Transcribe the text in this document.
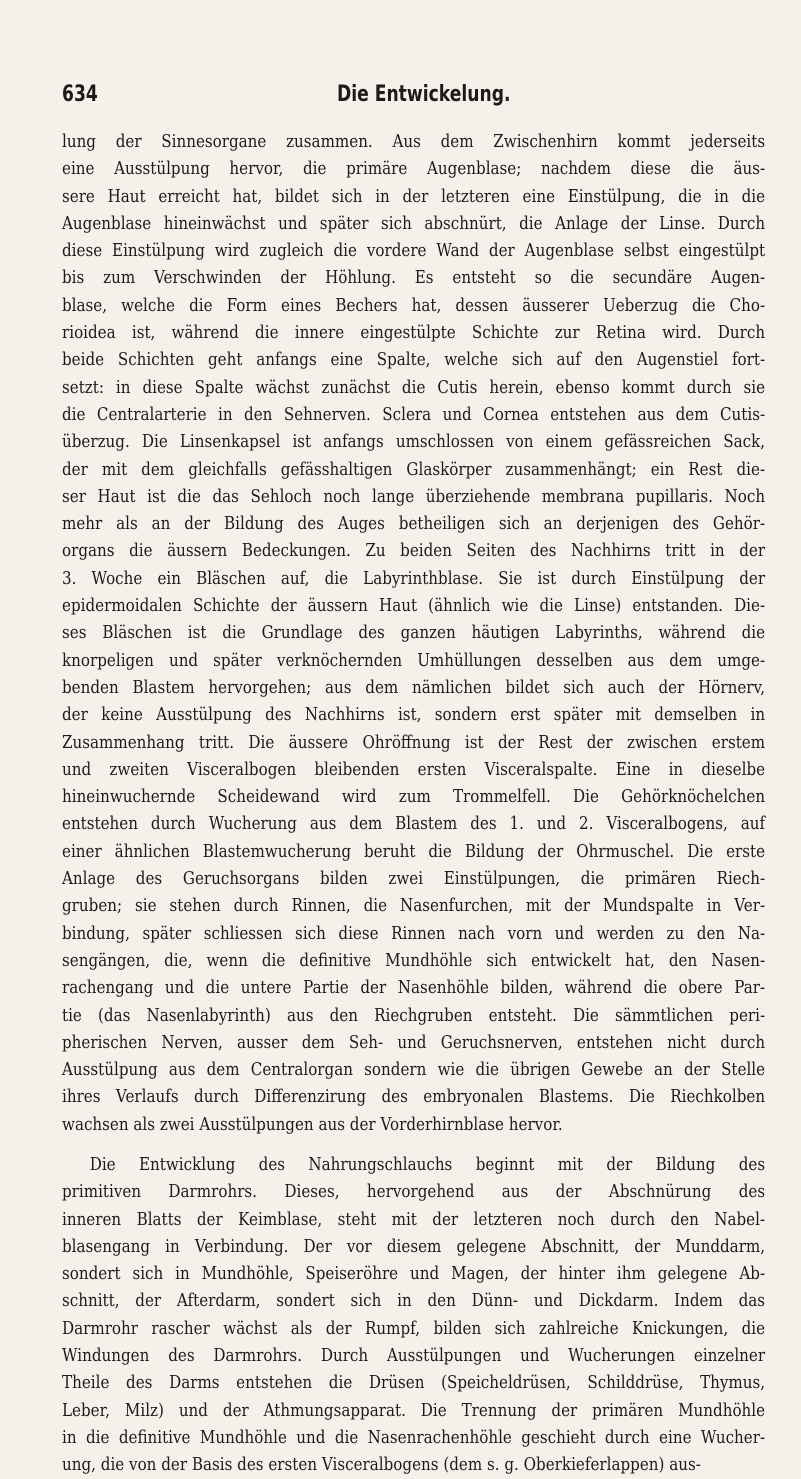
634	Die Entwickelung.
lung der Sinnesorgane zusammen. Aus dem Zwischenhirn kommt jederseits
eine Ausstülpung hervor, die primäre Augenblase; nachdem diese die äus-
sere Haut erreicht hat, bildet sich in der letzteren eine Einstülpung, die in die
Augenblase hineinwächst und später sich abschnürt, die Anlage der Linse. Durch
diese Einstülpung wird zugleich die vordere Wand der Augenblase selbst eingestülpt
bis zum Verschwinden der Höhlung. Es entsteht so die secundäre Augen-
blase, welche die Form eines Bechers hat, dessen äusserer Ueberzug die Cho-
rioidea ist, während die innere eingestülpte Schichte zur Retina wird. Durch
beide Schichten geht anfangs eine Spalte, welche sich auf den Augenstiel fort-
setzt: in diese Spalte wächst zunächst die Cutis herein, ebenso kommt durch sie
die Centralarterie in den Sehnerven. Sclera und Cornea entstehen aus dem Cutis-
überzug. Die Linsenkapsel ist anfangs umschlossen von einem gefässreichen Sack,
der mit dem gleichfalls gefässhaltigen Glaskörper zusammenhängt; ein Rest die-
ser Haut ist die das Sehloch noch lange überziehende membrana pupillaris. Noch
mehr als an der Bildung des Auges betheiligen sich an derjenigen des Gehör-
organs die äussern Bedeckungen. Zu beiden Seiten des Nachhirns tritt in der
3. Woche ein Bläschen auf, die Labyrinthblase. Sie ist durch Einstülpung der
epidermoidalen Schichte der äussern Haut (ähnlich wie die Linse) entstanden. Die-
ses Bläschen ist die Grundlage des ganzen häutigen Labyrinths, während die
knorpeligen und später verknöchernden Umhüllungen desselben aus dem umge-
benden Blastem hervorgehen; aus dem nämlichen bildet sich auch der Hörnerv,
der keine Ausstülpung des Nachhirns ist, sondern erst später mit demselben in
Zusammenhang tritt. Die äussere Ohröffnung ist der Rest der zwischen erstem
und zweiten Visceralbogen bleibenden ersten Visceralspalte. Eine in dieselbe
hineinwuchernde Scheidewand wird zum Trommelfell. Die Gehörknöchelchen
entstehen durch Wucherung aus dem Blastem des 1. und 2. Visceralbogens, auf
einer ähnlichen Blastemwucherung beruht die Bildung der Ohrmuschel. Die erste
Anlage des Geruchsorgans bilden zwei Einstülpungen, die primären Riech-
gruben; sie stehen durch Rinnen, die Nasenfurchen, mit der Mundspalte in Ver-
bindung, später schliessen sich diese Rinnen nach vorn und werden zu den Na-
sengängen, die, wenn die definitive Mundhöhle sich entwickelt hat, den Nasen-
rachengang und die untere Partie der Nasenhöhle bilden, während die obere Par-
tie (das Nasenlabyrinth) aus den Riechgruben entsteht. Die sämmtlichen peri-
pherischen Nerven, ausser dem Seh- und Geruchsnerven, entstehen nicht durch
Ausstülpung aus dem Centralorgan sondern wie die übrigen Gewebe an der Stelle
ihres Verlaufs durch Differenzirung des embryonalen Blastems. Die Riechkolben
wachsen als zwei Ausstülpungen aus der Vorderhirnblase hervor.
Die Entwicklung des Nahrungschlauchs beginnt mit der Bildung des
primitiven Darmrohrs. Dieses, hervorgehend aus der Abschnürung des
inneren Blatts der Keimblase, steht mit der letzteren noch durch den Nabel-
blasengang in Verbindung. Der vor diesem gelegene Abschnitt, der Munddarm,
sondert sich in Mundhöhle, Speiseröhre und Magen, der hinter ihm gelegene Ab-
schnitt, der Afterdarm, sondert sich in den Dünn- und Dickdarm. Indem das
Darmrohr rascher wächst als der Rumpf, bilden sich zahlreiche Knickungen, die
Windungen des Darmrohrs. Durch Ausstülpungen und Wucherungen einzelner
Theile des Darms entstehen die Drüsen (Speicheldrüsen, Schilddrüse, Thymus,
Leber, Milz) und der Athmungsapparat. Die Trennung der primären Mundhöhle
in die definitive Mundhöhle und die Nasenrachenhöhle geschieht durch eine Wucher-
ung, die von der Basis des ersten Visceralbogens (dem s. g. Oberkieferlappen) aus-
